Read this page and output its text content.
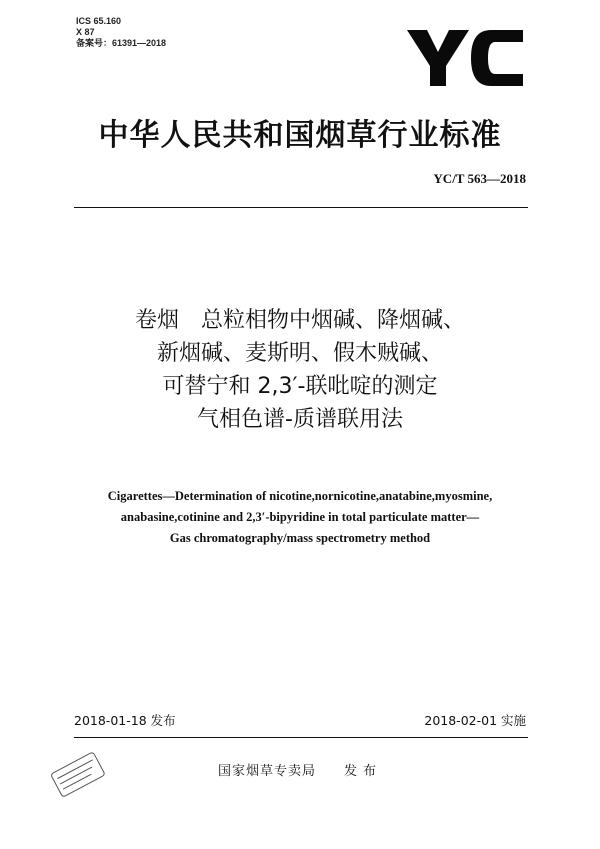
ICS 65.160
X 87
备案号：61391—2018
中华人民共和国烟草行业标准
YC/T 563—2018
卷烟　总粒相物中烟碱、降烟碱、
新烟碱、麦斯明、假木贼碱、
可替宁和 2,3′-联吡啶的测定
气相色谱-质谱联用法
Cigarettes—Determination of nicotine,nornicotine,anatabine,myosmine,
anabasine,cotinine and 2,3′-bipyridine in total particulate matter—
Gas chromatography/mass spectrometry method
2018-01-18 发布	2018-02-01 实施
国家烟草专卖局 发布
